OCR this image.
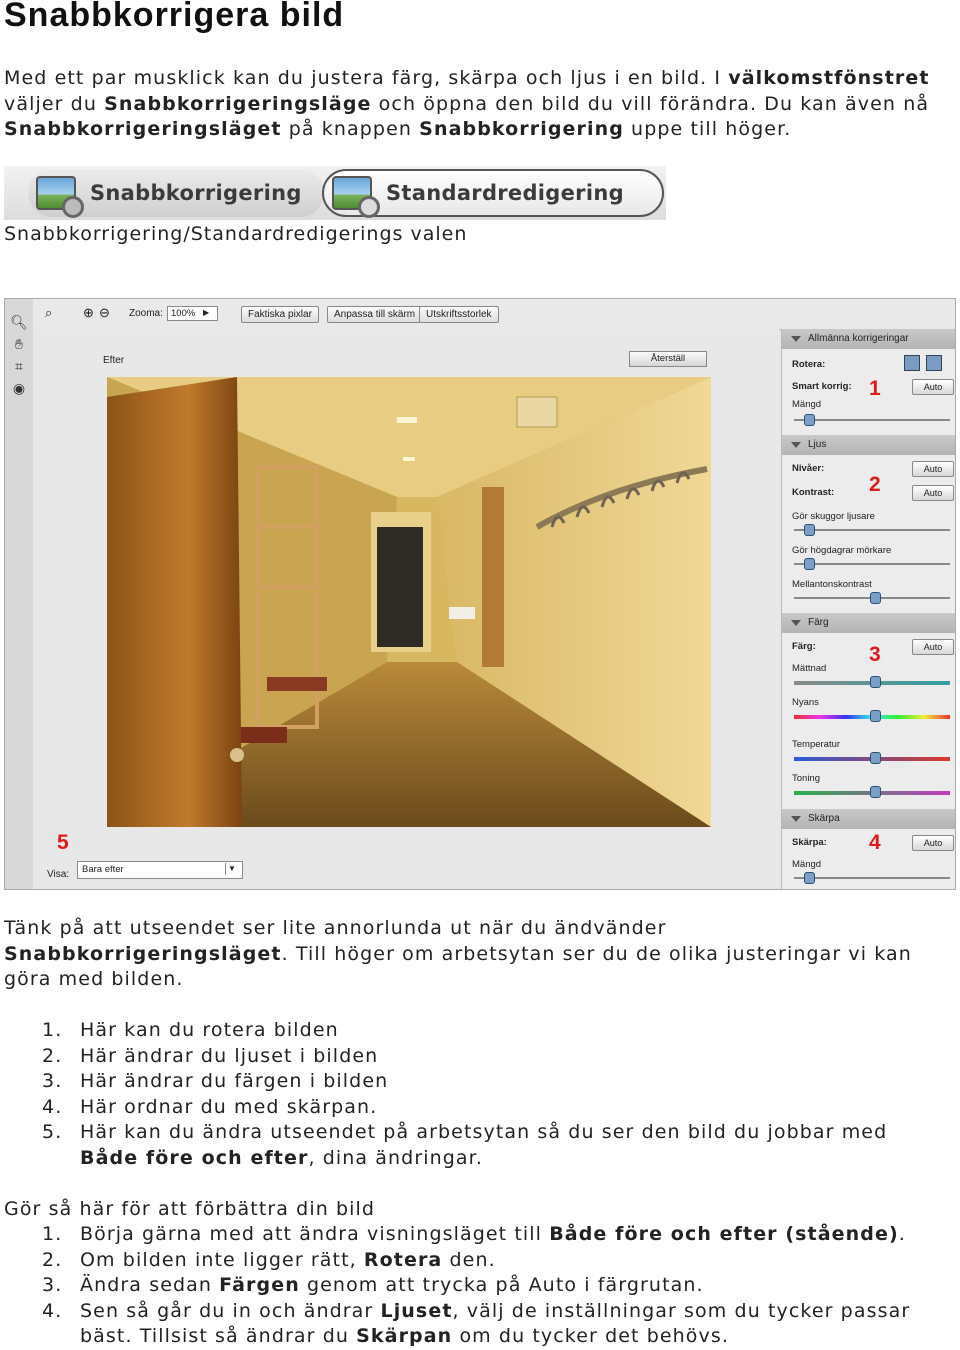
Snabbkorrigera bild
Med ett par musklick kan du justera färg, skärpa och ljus i en bild. I välkomstfönstret väljer du Snabbkorrigeringsläge och öppna den bild du vill förändra. Du kan även nå Snabbkorrigeringsläget på knappen Snabbkorrigering uppe till höger.
Snabbkorrigering	Standardredigering
Snabbkorrigering/Standardredigerings valen
🔍︎
✋︎
⌗
◉
⌕ ⊕ ⊖ Zoomа: 100% ▶	Faktiska pixlar	Anpassa till skärm	Utskriftsstorlek
Efter	Återställ
Visa:	Bara efter	▼
Allmänna korrigeringar
Rotera:
Smart korrig:	Auto
Mängd
Ljus
Nivåer:	Auto
Kontrast:	Auto
Gör skuggor ljusare
Gör högdagrar mörkare
Mellantonskontrast
Färg
Färg:	Auto
Mättnad
Nyans
Temperatur
Toning
Skärpa
Skärpa:	Auto
Mängd
1
2
3
4
5
Tänk på att utseendet ser lite annorlunda ut när du ändvänder Snabbkorrigeringsläget. Till höger om arbetsytan ser du de olika justeringar vi kan göra med bilden.
1. Här kan du rotera bilden
2. Här ändrar du ljuset i bilden
3. Här ändrar du färgen i bilden
4. Här ordnar du med skärpan.
5. Här kan du ändra utseendet på arbetsytan så du ser den bild du jobbar med Både före och efter, dina ändringar.
Gör så här för att förbättra din bild
1. Börja gärna med att ändra visningsläget till Både före och efter (stående).
2. Om bilden inte ligger rätt, Rotera den.
3. Ändra sedan Färgen genom att trycka på Auto i färgrutan.
4. Sen så går du in och ändrar Ljuset, välj de inställningar som du tycker passar bäst. Tillsist så ändrar du Skärpan om du tycker det behövs.
